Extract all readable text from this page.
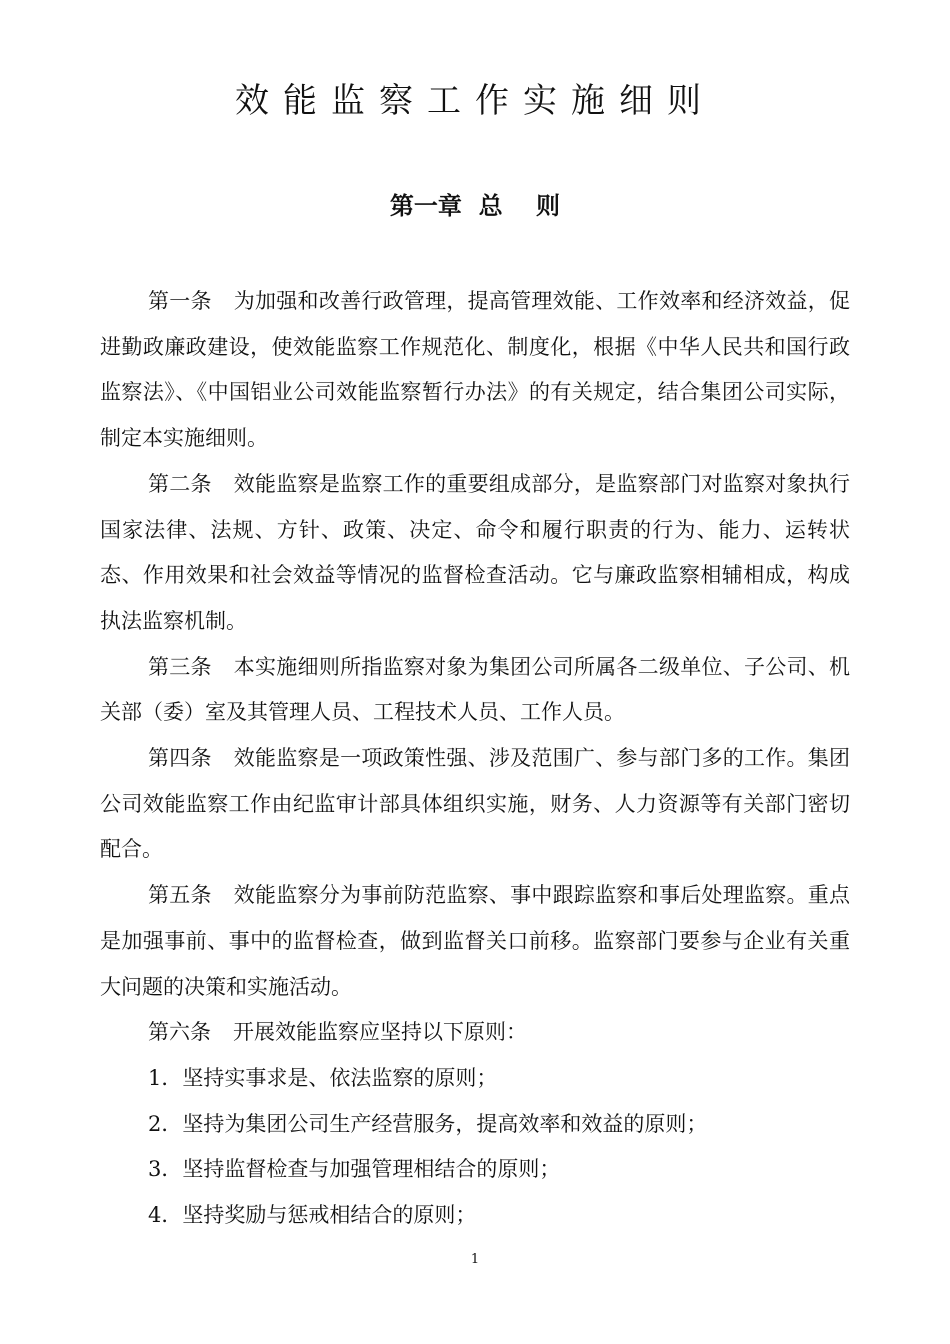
效能监察工作实施细则
第一章  总    则

第一条 为加强和改善行政管理，提高管理效能、工作效率和经济效益，促进勤政廉政建设，使效能监察工作规范化、制度化，根据《中华人民共和国行政监察法》、《中国铝业公司效能监察暂行办法》的有关规定，结合集团公司实际，制定本实施细则。

第二条 效能监察是监察工作的重要组成部分，是监察部门对监察对象执行国家法律、法规、方针、政策、决定、命令和履行职责的行为、能力、运转状态、作用效果和社会效益等情况的监督检查活动。它与廉政监察相辅相成，构成执法监察机制。

第三条 本实施细则所指监察对象为集团公司所属各二级单位、子公司、机关部（委）室及其管理人员、工程技术人员、工作人员。

第四条 效能监察是一项政策性强、涉及范围广、参与部门多的工作。集团公司效能监察工作由纪监审计部具体组织实施，财务、人力资源等有关部门密切配合。

第五条 效能监察分为事前防范监察、事中跟踪监察和事后处理监察。重点是加强事前、事中的监督检查，做到监督关口前移。监察部门要参与企业有关重大问题的决策和实施活动。

第六条 开展效能监察应坚持以下原则：

1．坚持实事求是、依法监察的原则；

2．坚持为集团公司生产经营服务，提高效率和效益的原则；

3．坚持监督检查与加强管理相结合的原则；

4．坚持奖励与惩戒相结合的原则；

1
